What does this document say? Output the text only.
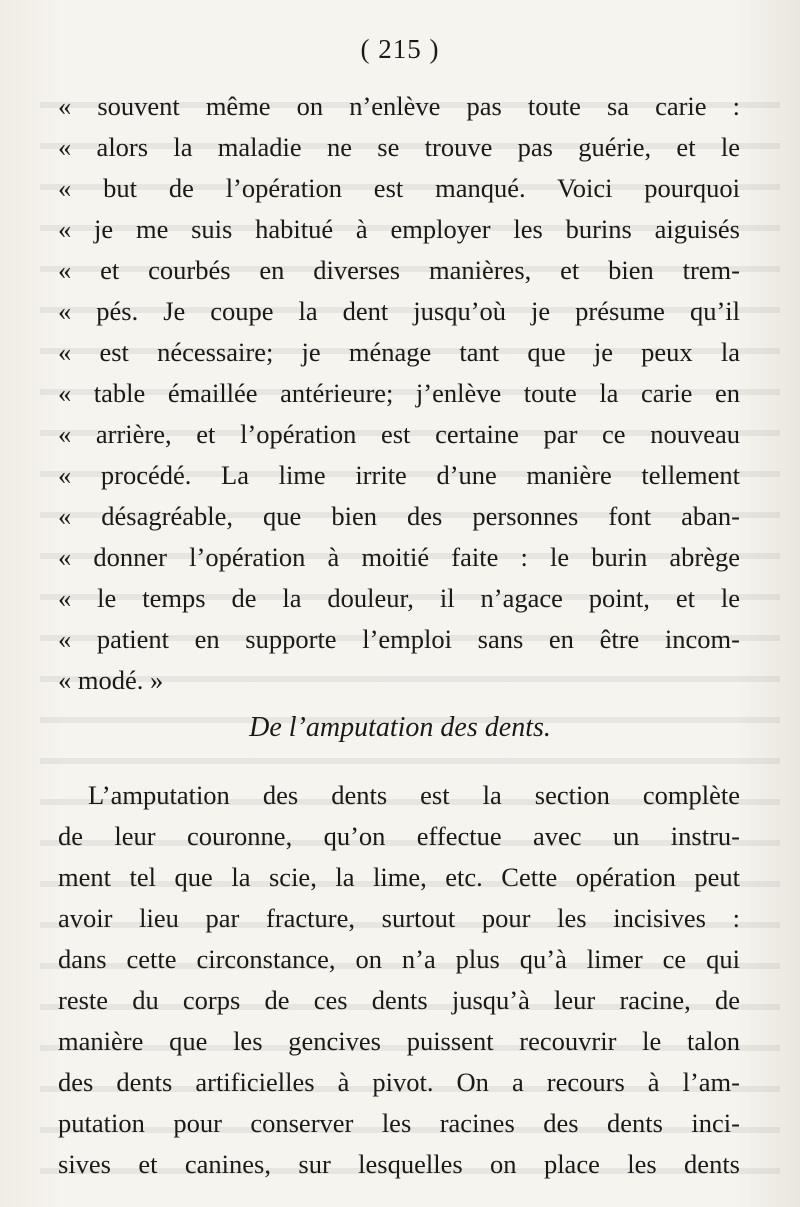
( 215 )
« souvent même on n’enlève pas toute sa carie :
« alors la maladie ne se trouve pas guérie, et le
« but de l’opération est manqué. Voici pourquoi
« je me suis habitué à employer les burins aiguisés
« et courbés en diverses manières, et bien trem-
« pés. Je coupe la dent jusqu’où je présume qu’il
« est nécessaire; je ménage tant que je peux la
« table émaillée antérieure; j’enlève toute la carie en
« arrière, et l’opération est certaine par ce nouveau
« procédé. La lime irrite d’une manière tellement
« désagréable, que bien des personnes font aban-
« donner l’opération à moitié faite : le burin abrège
« le temps de la douleur, il n’agace point, et le
« patient en supporte l’emploi sans en être incom-
« modé. »
De l’amputation des dents.
L’amputation des dents est la section complète
de leur couronne, qu’on effectue avec un instru-
ment tel que la scie, la lime, etc. Cette opération peut
avoir lieu par fracture, surtout pour les incisives :
dans cette circonstance, on n’a plus qu’à limer ce qui
reste du corps de ces dents jusqu’à leur racine, de
manière que les gencives puissent recouvrir le talon
des dents artificielles à pivot. On a recours à l’am-
putation pour conserver les racines des dents inci-
sives et canines, sur lesquelles on place les dents
